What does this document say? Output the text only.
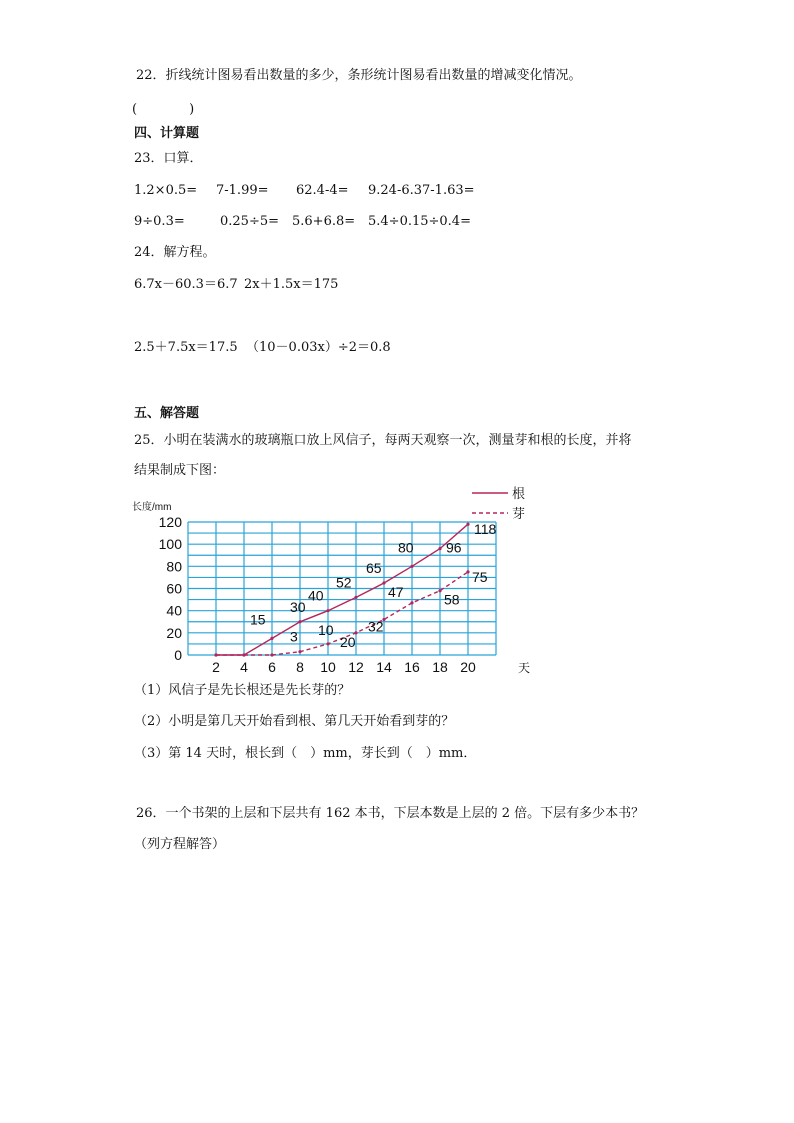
22．折线统计图易看出数量的多少，条形统计图易看出数量的增减变化情况。
(　　　　)
四、计算题
23．口算．
1.2×0.5= 7-1.99= 62.4-4= 9.24-6.37-1.63=
9÷0.3=	0.25÷5= 5.6+6.8= 5.4÷0.15÷0.4=
24．解方程。
6.7x－60.3＝6.7 2x＋1.5x＝175
2.5＋7.5x＝17.5 （10－0.03x）÷2＝0.8
五、解答题
25．小明在装满水的玻璃瓶口放上风信子，每两天观察一次，测量芽和根的长度，并将
结果制成下图：
0
20
40
60
80
100
120
2 4 6 8 10 12 14 16 18 20
长度/mm
天
15
30
40
52
65
80 96
118
3 10
20
32
47	58
75
根
芽
（1）风信子是先长根还是先长芽的？
（2）小明是第几天开始看到根、第几天开始看到芽的？
（3）第 14 天时，根长到（　）mm，芽长到（　）mm．
26．一个书架的上层和下层共有 162 本书，下层本数是上层的 2 倍。下层有多少本书？
（列方程解答）
